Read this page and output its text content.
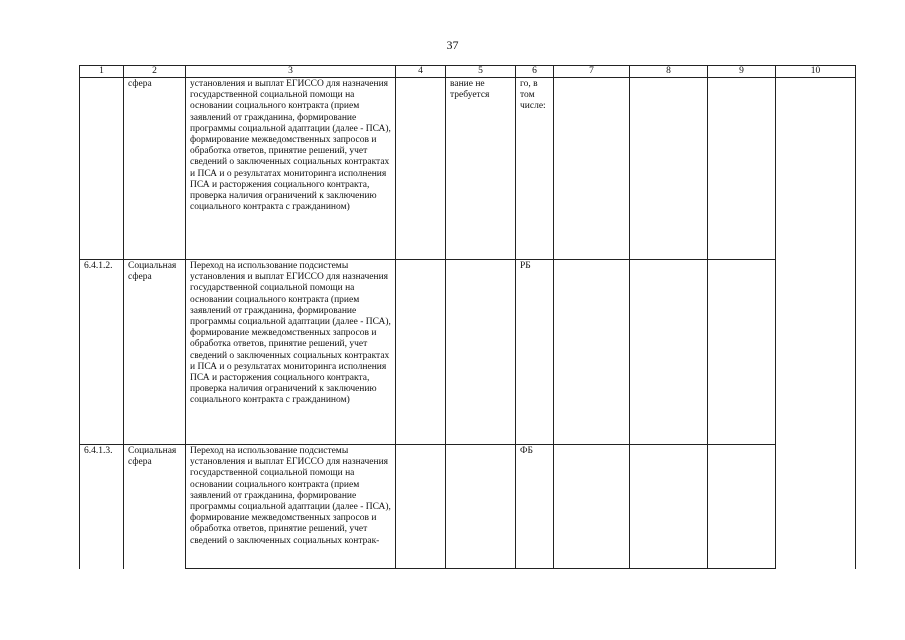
37
1	2	3	4	5	6	7	8	9	10
	сфера	установления и выплат ЕГИССО для назначения государственной социальной помощи на основании социального контракта (прием заявлений от гражданина, формирование программы социальной адаптации (далее - ПСА), формирование межведомственных запросов и обработка ответов, принятие решений, учет сведений о заключенных социальных контрактах и ПСА и о результатах мониторинга исполнения ПСА и расторжения социального контракта, проверка наличия ограничений к заключению социального контракта с гражданином)		вание не требуется	го, в том числе:				
6.4.1.2.	Социальная сфера	Переход на использование подсистемы установления и выплат ЕГИССО для назначения государственной социальной помощи на основании социального контракта (прием заявлений от гражданина, формирование программы социальной адаптации (далее - ПСА), формирование межведомственных запросов и обработка ответов, принятие решений, учет сведений о заключенных социальных контрактах и ПСА и о результатах мониторинга исполнения ПСА и расторжения социального контракта, проверка наличия ограничений к заключению социального контракта с гражданином)			РБ				
6.4.1.3.	Социальная сфера	Переход на использование подсистемы установления и выплат ЕГИССО для назначения государственной социальной помощи на основании социального контракта (прием заявлений от гражданина, формирование программы социальной адаптации (далее - ПСА), формирование межведомственных запросов и обработка ответов, принятие решений, учет сведений о заключенных социальных контрак-			ФБ				
